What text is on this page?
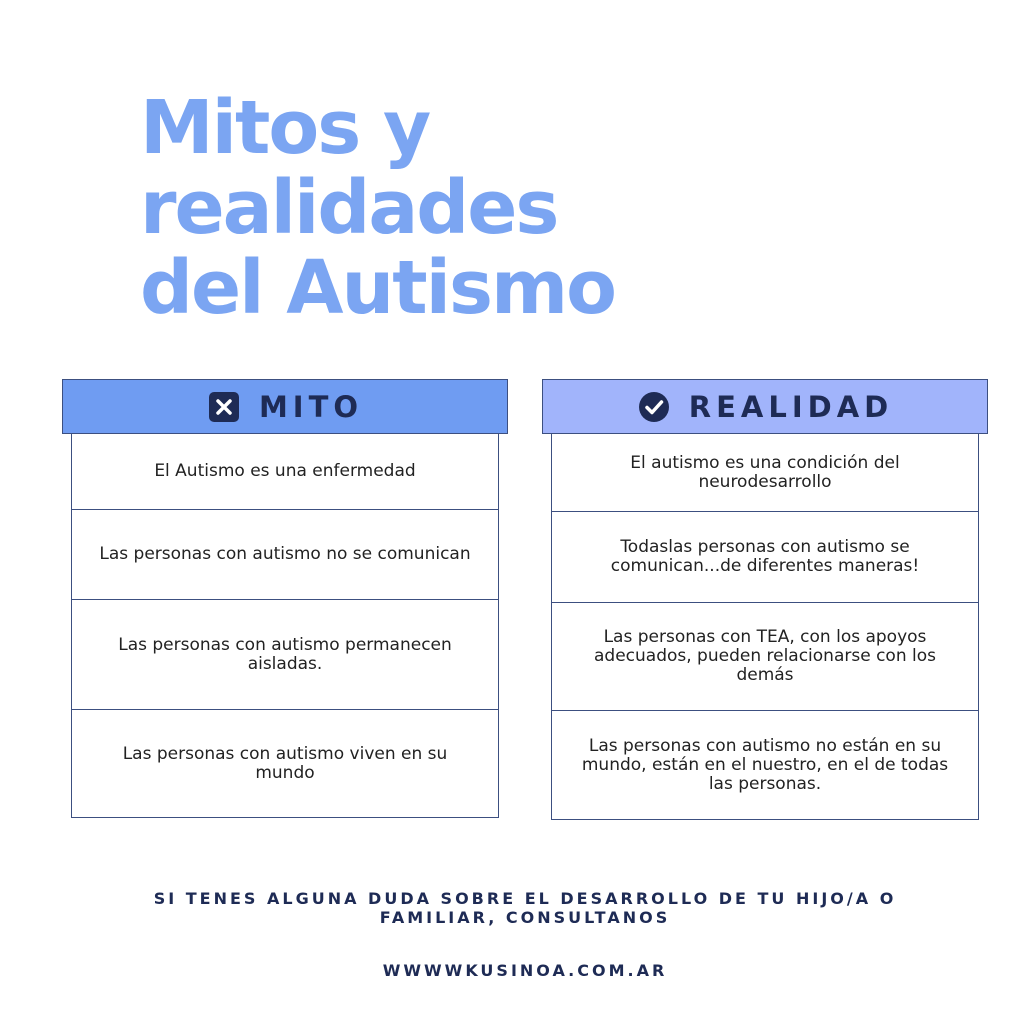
Mitos y
realidades
del Autismo
MITO
El Autismo es una enfermedad
Las personas con autismo no se comunican
Las personas con autismo permanecen aisladas.
Las personas con autismo viven en su mundo
REALIDAD
El autismo es una condición del neurodesarrollo
Todaslas personas con autismo se comunican...de diferentes maneras!
Las personas con TEA, con los apoyos adecuados, pueden relacionarse con los demás
Las personas con autismo no están en su mundo, están en el nuestro, en el de todas las personas.

SI TENES ALGUNA DUDA SOBRE EL DESARROLLO DE TU HIJO/A O FAMILIAR, CONSULTANOS

WWWWKUSINOA.COM.AR
